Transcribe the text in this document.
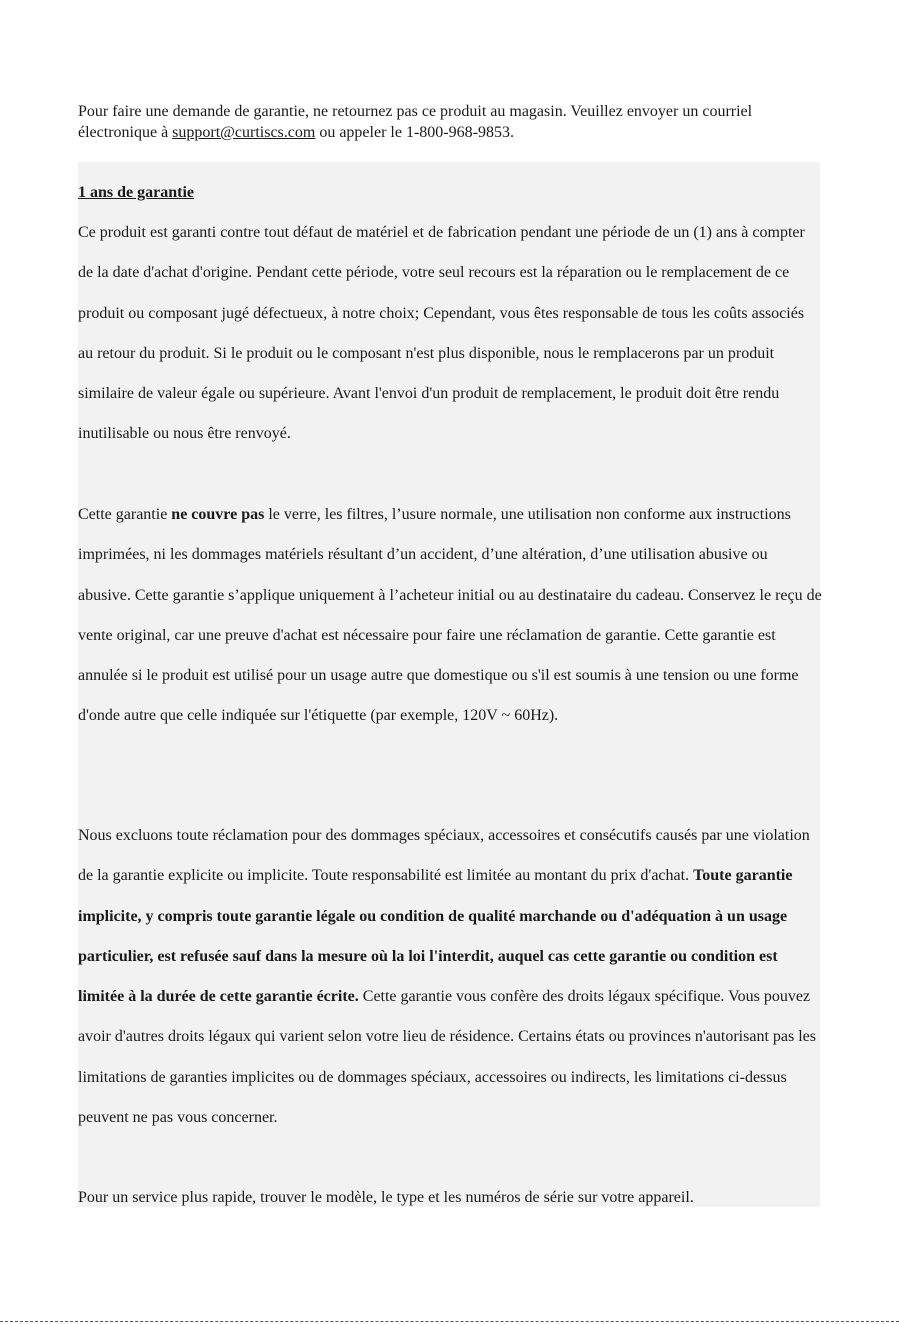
Pour faire une demande de garantie, ne retournez pas ce produit au magasin. Veuillez envoyer un courriel électronique à support@curtiscs.com ou appeler le 1-800-968-9853.

1 ans de garantie

Ce produit est garanti contre tout défaut de matériel et de fabrication pendant une période de un (1) ans à compter de la date d'achat d'origine. Pendant cette période, votre seul recours est la réparation ou le remplacement de ce produit ou composant jugé défectueux, à notre choix; Cependant, vous êtes responsable de tous les coûts associés au retour du produit. Si le produit ou le composant n'est plus disponible, nous le remplacerons par un produit similaire de valeur égale ou supérieure. Avant l'envoi d'un produit de remplacement, le produit doit être rendu inutilisable ou nous être renvoyé.

Cette garantie ne couvre pas le verre, les filtres, l’usure normale, une utilisation non conforme aux instructions imprimées, ni les dommages matériels résultant d’un accident, d’une altération, d’une utilisation abusive ou abusive. Cette garantie s’applique uniquement à l’acheteur initial ou au destinataire du cadeau. Conservez le reçu de vente original, car une preuve d'achat est nécessaire pour faire une réclamation de garantie. Cette garantie est annulée si le produit est utilisé pour un usage autre que domestique ou s'il est soumis à une tension ou une forme d'onde autre que celle indiquée sur l'étiquette (par exemple, 120V ~ 60Hz).

Nous excluons toute réclamation pour des dommages spéciaux, accessoires et consécutifs causés par une violation de la garantie explicite ou implicite. Toute responsabilité est limitée au montant du prix d'achat. Toute garantie implicite, y compris toute garantie légale ou condition de qualité marchande ou d'adéquation à un usage particulier, est refusée sauf dans la mesure où la loi l'interdit, auquel cas cette garantie ou condition est limitée à la durée de cette garantie écrite. Cette garantie vous confère des droits légaux spécifique. Vous pouvez avoir d'autres droits légaux qui varient selon votre lieu de résidence. Certains états ou provinces n'autorisant pas les limitations de garanties implicites ou de dommages spéciaux, accessoires ou indirects, les limitations ci-dessus peuvent ne pas vous concerner.

Pour un service plus rapide, trouver le modèle, le type et les numéros de série sur votre appareil.
